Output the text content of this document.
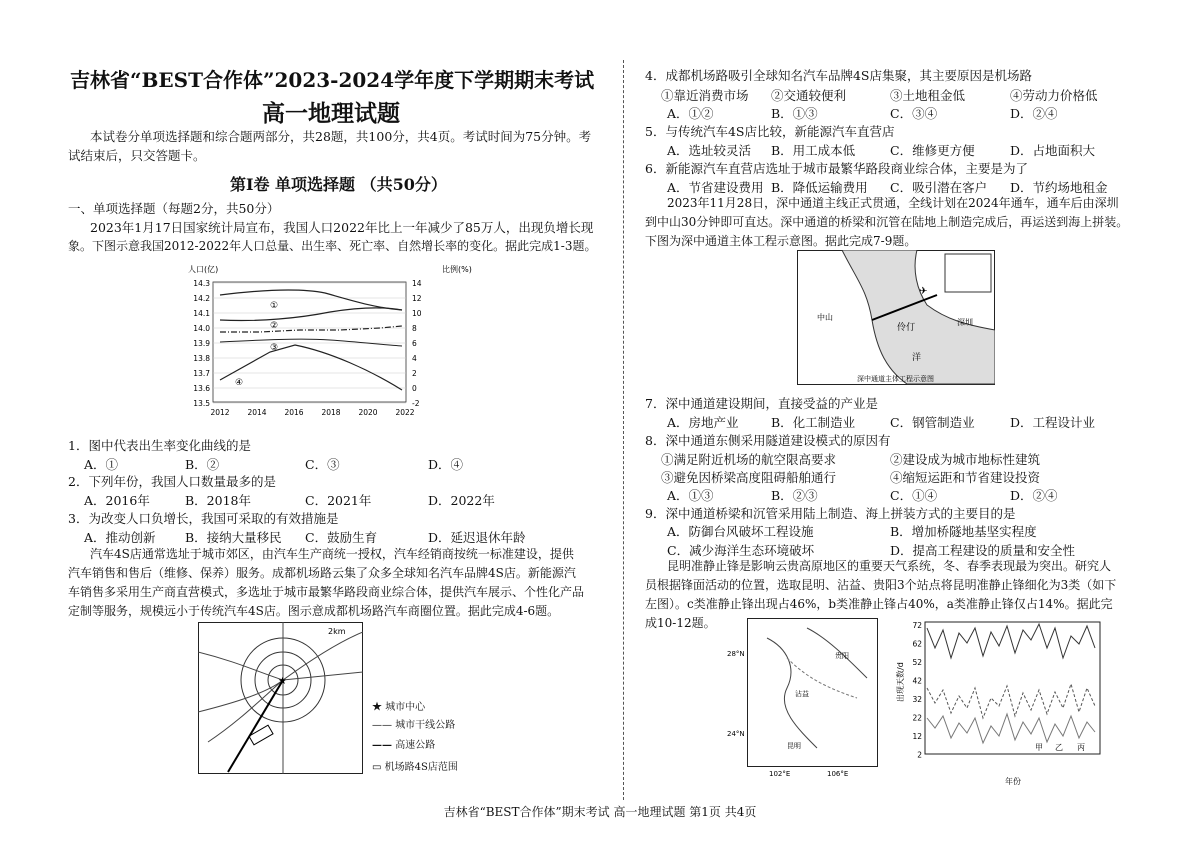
吉林省“BEST合作体”2023-2024学年度下学期期末考试
高一地理试题
本试卷分单项选择题和综合题两部分，共28题，共100分，共4页。考试时间为75分钟。考
试结束后，只交答题卡。
第Ⅰ卷 单项选择题 （共50分）
一、单项选择题（每题2分，共50分）
2023年1月17日国家统计局宣布，我国人口2022年比上一年减少了85万人，出现负增长现
象。下图示意我国2012-2022年人口总量、出生率、死亡率、自然增长率的变化。据此完成1-3题。
人口(亿)	比例(%)
14.3
14.2
14.1
14.0
13.9
13.8
13.7
13.6
13.5
14
12
10
8
6
4
2
0
-2
2012 2014 2016 2018 2020 2022
①
②
③
④
1．图中代表出生率变化曲线的是
A．①	B．②	C．③	D．④
2．下列年份，我国人口数量最多的是
A．2016年	B．2018年	C．2021年	D．2022年
3．为改变人口负增长，我国可采取的有效措施是
A．推动创新 B．接纳大量移民 C．鼓励生育	D．延迟退休年龄
汽车4S店通常选址于城市郊区，由汽车生产商统一授权，汽车经销商按统一标准建设，提供
汽车销售和售后（维修、保养）服务。成都机场路云集了众多全球知名汽车品牌4S店。新能源汽
车销售多采用生产商直营模式，多选址于城市最繁华路段商业综合体，提供汽车展示、个性化产品
定制等服务，规模远小于传统汽车4S店。图示意成都机场路汽车商圈位置。据此完成4-6题。
★
2km
★ 城市中心
—— 城市干线公路
—— 高速公路
▭ 机场路4S店范围
4．成都机场路吸引全球知名汽车品牌4S店集聚，其主要原因是机场路
①靠近消费市场 ②交通较便利	③土地租金低	④劳动力价格低
A．①②	B．①③	C．③④	D．②④
5．与传统汽车4S店比较，新能源汽车直营店
A．选址较灵活 B．用工成本低	C．维修更方便	D．占地面积大
6．新能源汽车直营店选址于城市最繁华路段商业综合体，主要是为了
A．节省建设费用 B．降低运输费用 C．吸引潜在客户 D．节约场地租金
2023年11月28日，深中通道主线正式贯通，全线计划在2024年通车，通车后由深圳
到中山30分钟即可直达。深中通道的桥梁和沉管在陆地上制造完成后，再运送到海上拼装。
下图为深中通道主体工程示意图。据此完成7-9题。
中山
深圳
伶仃
洋
深中通道主体工程示意图
✈
7．深中通道建设期间，直接受益的产业是
A．房地产业	B．化工制造业	C．钢管制造业	D．工程设计业
8．深中通道东侧采用隧道建设模式的原因有
①满足附近机场的航空限高要求	②建设成为城市地标性建筑
③避免因桥梁高度阻碍船舶通行	④缩短运距和节省建设投资
A．①③	B．②③	C．①④	D．②④
9．深中通道桥梁和沉管采用陆上制造、海上拼装方式的主要目的是
A．防御台风破坏工程设施	B．增加桥隧地基坚实程度
C．减少海洋生态环境破坏	D．提高工程建设的质量和安全性
昆明准静止锋是影响云贵高原地区的重要天气系统，冬、春季表现最为突出。研究人
员根据锋面活动的位置，选取昆明、沾益、贵阳3个站点将昆明准静止锋细化为3类（如下
左图）。c类准静止锋出现占46%，b类准静止锋占40%，a类准静止锋仅占14%。据此完
成10-12题。
28°N
24°N
102°E	106°E
昆明
沾益
贵阳
72
62
52
42
32
22
12
2
出现天数/d
年份
甲 乙 丙
吉林省“BEST合作体”期末考试 高一地理试题 第1页 共4页
